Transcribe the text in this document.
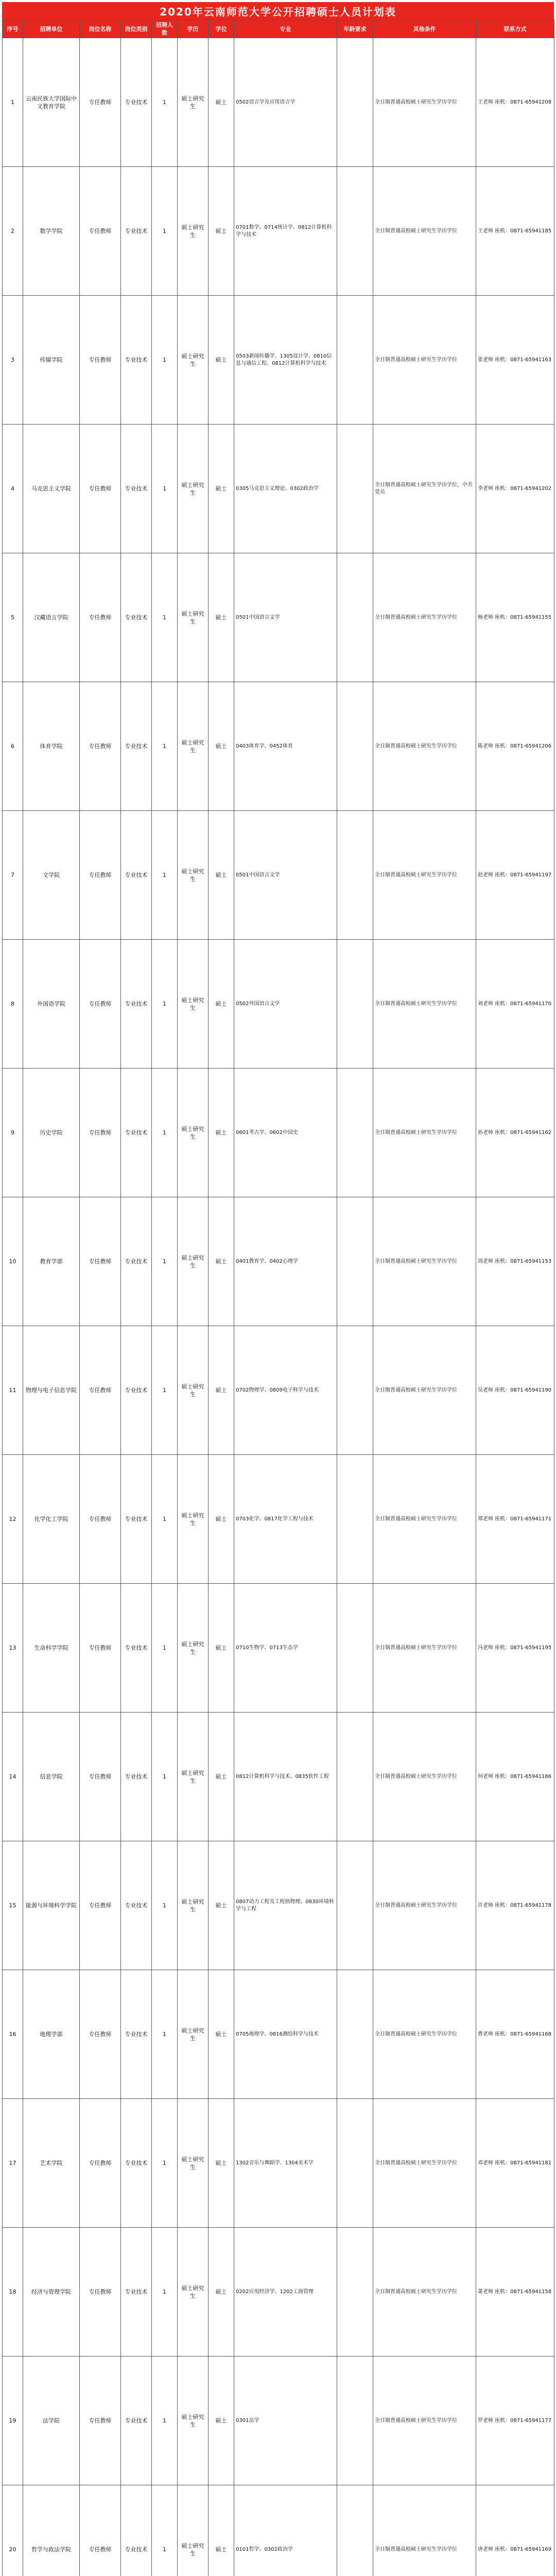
2020年云南师范大学公开招聘硕士人员计划表
序号	招聘单位	岗位名称	岗位类别	招聘人数	学历	学位	专业	年龄要求	其他条件	联系方式
1	云南民族大学国际中文教育学院	专任教师	专业技术	1	硕士研究生	硕士	0502语言学及应用语言学		全日制普通高校硕士研究生学历学位	王老师 座机：0871-65941208
2	数学学院	专任教师	专业技术	1	硕士研究生	硕士	0701数学、0714统计学、0812计算机科学与技术		全日制普通高校硕士研究生学历学位	王老师 座机：0871-65941185
3	传媒学院	专任教师	专业技术	1	硕士研究生	硕士	0503新闻传播学、1305设计学、0810信息与通信工程、0812计算机科学与技术		全日制普通高校硕士研究生学历学位	张老师 座机：0871-65941163
4	马克思主义学院	专任教师	专业技术	1	硕士研究生	硕士	0305马克思主义理论、0302政治学		全日制普通高校硕士研究生学历学位，中共党员	李老师 座机：0871-65941202
5	汉藏语言学院	专任教师	专业技术	1	硕士研究生	硕士	0501中国语言文学		全日制普通高校硕士研究生学历学位	杨老师 座机：0871-65941155
6	体育学院	专任教师	专业技术	1	硕士研究生	硕士	0403体育学、0452体育		全日制普通高校硕士研究生学历学位	陈老师 座机：0871-65941206
7	文学院	专任教师	专业技术	1	硕士研究生	硕士	0501中国语言文学		全日制普通高校硕士研究生学历学位	赵老师 座机：0871-65941197
8	外国语学院	专任教师	专业技术	1	硕士研究生	硕士	0502外国语言文学		全日制普通高校硕士研究生学历学位	刘老师 座机：0871-65941170
9	历史学院	专任教师	专业技术	1	硕士研究生	硕士	0601考古学、0602中国史		全日制普通高校硕士研究生学历学位	孙老师 座机：0871-65941162
10	教育学部	专任教师	专业技术	1	硕士研究生	硕士	0401教育学、0402心理学		全日制普通高校硕士研究生学历学位	周老师 座机：0871-65941153
11	物理与电子信息学院	专任教师	专业技术	1	硕士研究生	硕士	0702物理学、0809电子科学与技术		全日制普通高校硕士研究生学历学位	吴老师 座机：0871-65941190
12	化学化工学院	专任教师	专业技术	1	硕士研究生	硕士	0703化学、0817化学工程与技术		全日制普通高校硕士研究生学历学位	郑老师 座机：0871-65941171
13	生命科学学院	专任教师	专业技术	1	硕士研究生	硕士	0710生物学、0713生态学		全日制普通高校硕士研究生学历学位	冯老师 座机：0871-65941195
14	信息学院	专任教师	专业技术	1	硕士研究生	硕士	0812计算机科学与技术、0835软件工程		全日制普通高校硕士研究生学历学位	何老师 座机：0871-65941186
15	能源与环境科学学院	专任教师	专业技术	1	硕士研究生	硕士	0807动力工程及工程热物理、0830环境科学与工程		全日制普通高校硕士研究生学历学位	许老师 座机：0871-65941178
16	地理学部	专任教师	专业技术	1	硕士研究生	硕士	0705地理学、0816测绘科学与技术		全日制普通高校硕士研究生学历学位	曹老师 座机：0871-65941168
17	艺术学院	专任教师	专业技术	1	硕士研究生	硕士	1302音乐与舞蹈学、1304美术学		全日制普通高校硕士研究生学历学位	邓老师 座机：0871-65941181
18	经济与管理学院	专任教师	专业技术	1	硕士研究生	硕士	0202应用经济学、1202工商管理		全日制普通高校硕士研究生学历学位	萧老师 座机：0871-65941158
19	法学院	专任教师	专业技术	1	硕士研究生	硕士	0301法学		全日制普通高校硕士研究生学历学位	罗老师 座机：0871-65941177
20	哲学与政法学院	专任教师	专业技术	1	硕士研究生	硕士	0101哲学、0302政治学		全日制普通高校硕士研究生学历学位	唐老师 座机：0871-65941169
